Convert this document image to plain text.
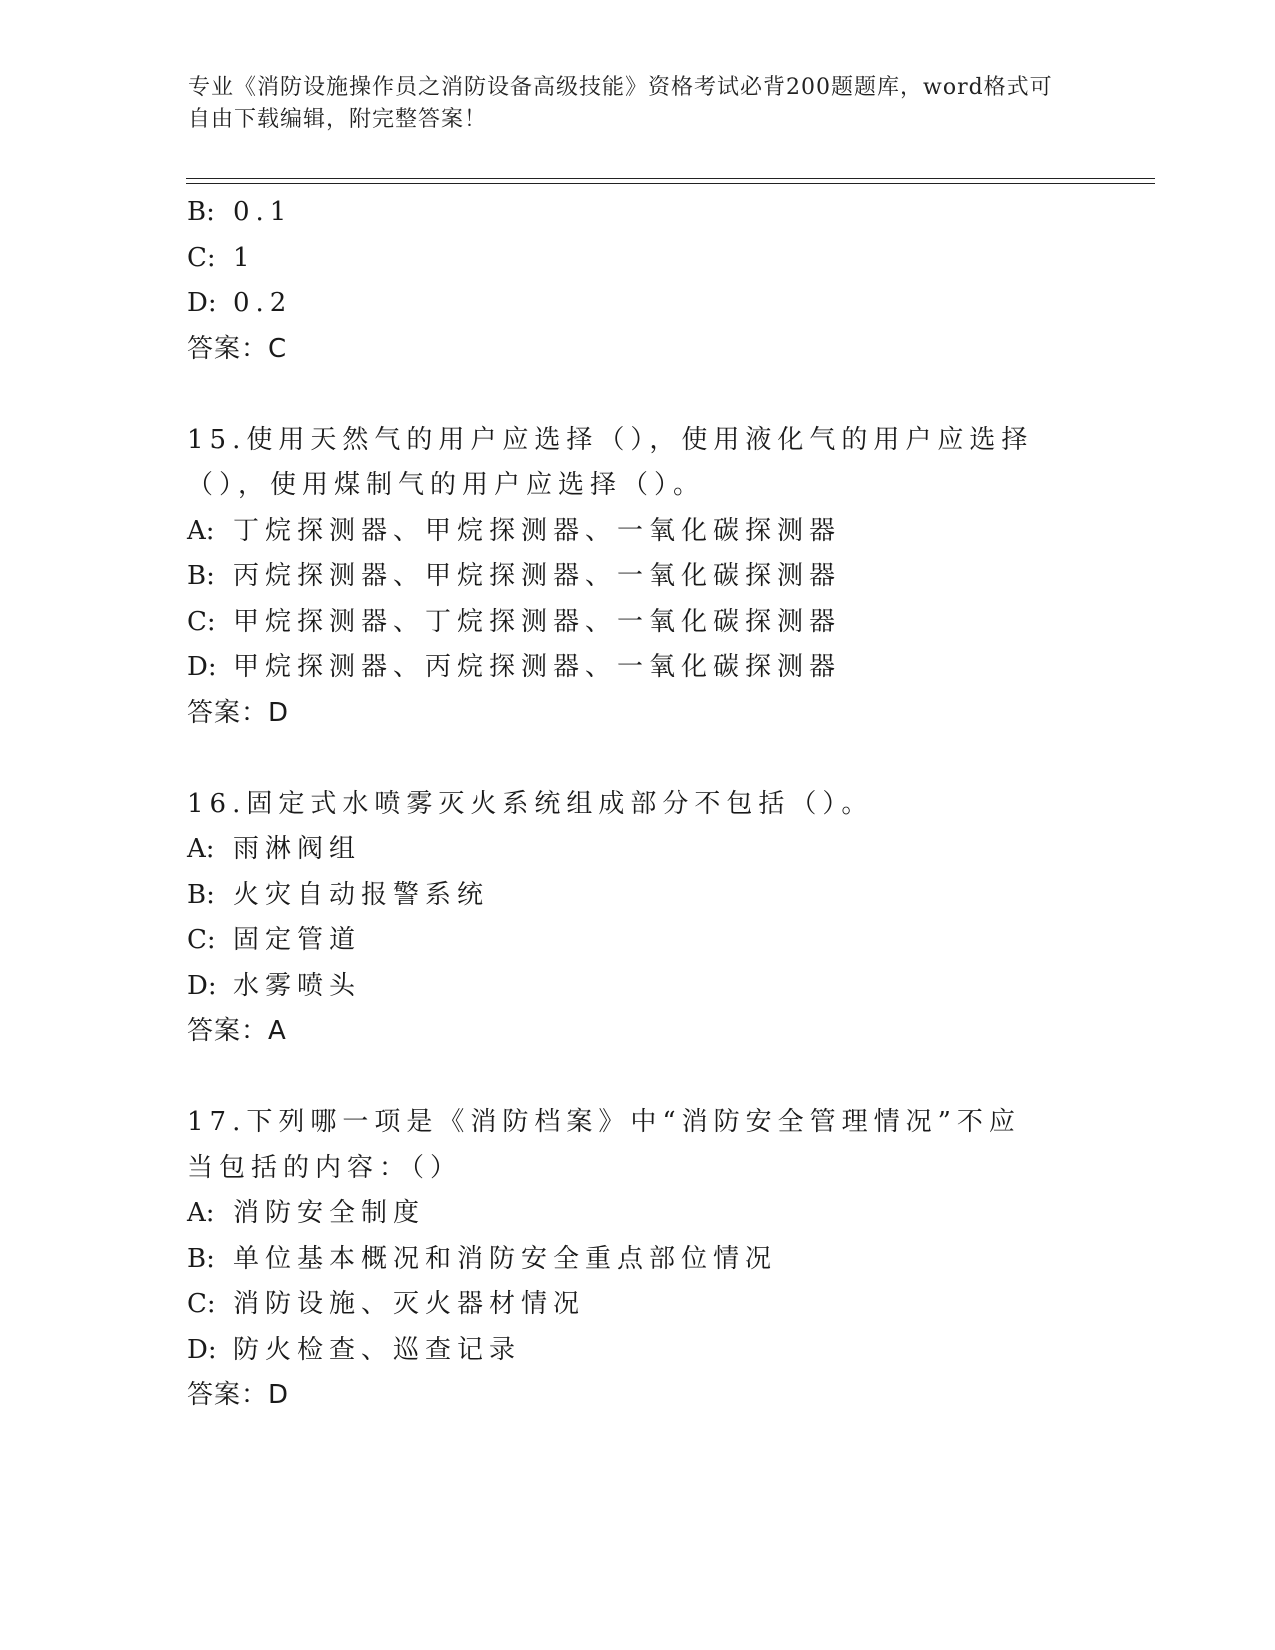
专业《消防设施操作员之消防设备高级技能》资格考试必背200题题库，word格式可自由下载编辑，附完整答案！
B: 0.1
C: 1
D: 0.2
答案：C
15.使用天然气的用户应选择（），使用液化气的用户应选择（），使用煤制气的用户应选择（）。
A: 丁烷探测器、甲烷探测器、一氧化碳探测器
B: 丙烷探测器、甲烷探测器、一氧化碳探测器
C: 甲烷探测器、丁烷探测器、一氧化碳探测器
D: 甲烷探测器、丙烷探测器、一氧化碳探测器
答案：D
16.固定式水喷雾灭火系统组成部分不包括（）。
A: 雨淋阀组
B: 火灾自动报警系统
C: 固定管道
D: 水雾喷头
答案：A
17.下列哪一项是《消防档案》中“消防安全管理情况”不应当包括的内容：（）
A: 消防安全制度
B: 单位基本概况和消防安全重点部位情况
C: 消防设施、灭火器材情况
D: 防火检查、巡查记录
答案：D
